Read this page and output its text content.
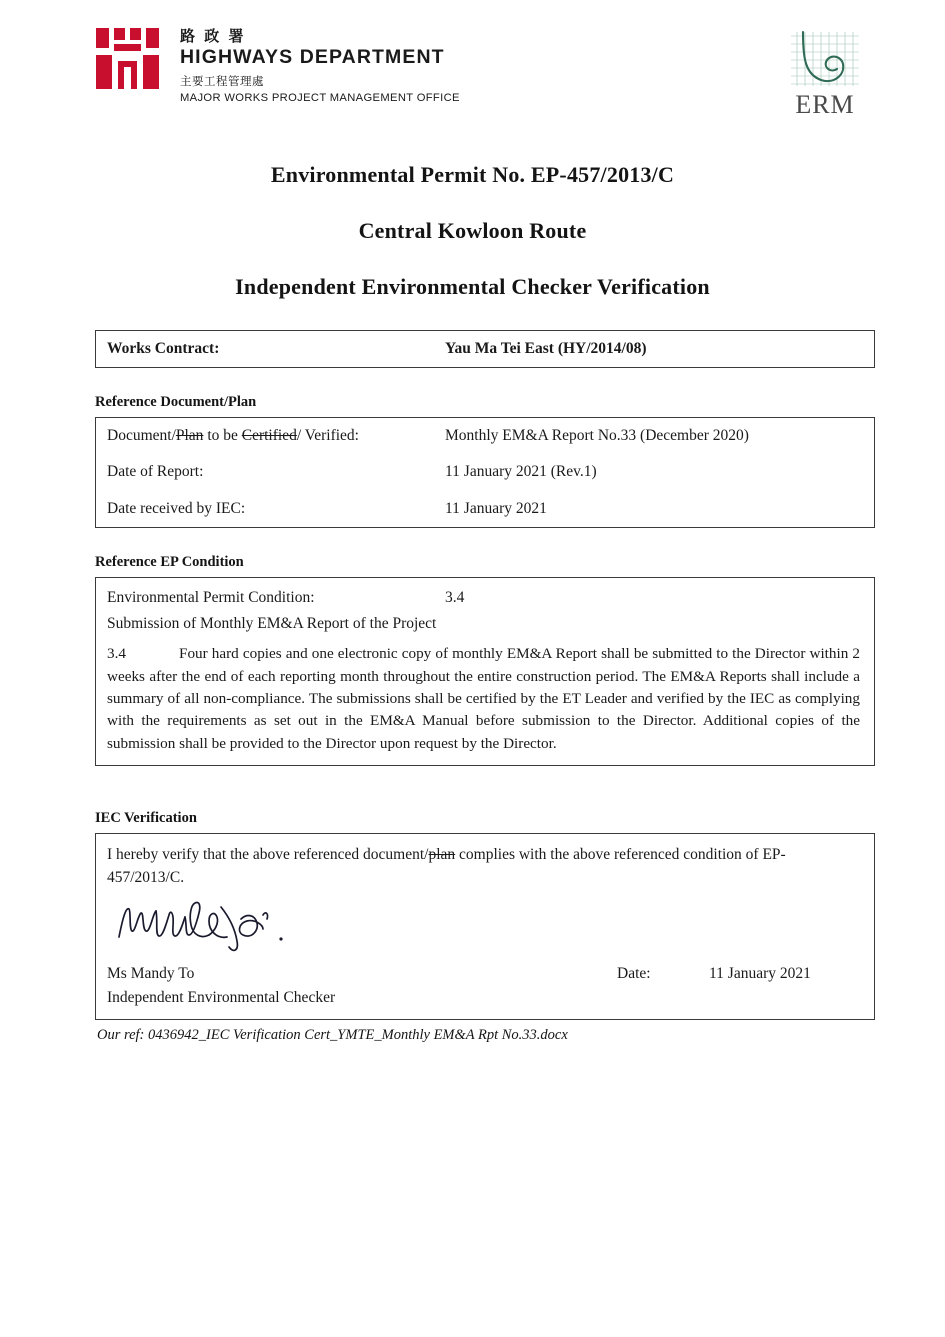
路 政 署
HIGHWAYS DEPARTMENT
主要工程管理處
MAJOR WORKS PROJECT MANAGEMENT OFFICE	ERM
Environmental Permit No. EP-457/2013/C
Central Kowloon Route
Independent Environmental Checker Verification
Works Contract:	Yau Ma Tei East (HY/2014/08)
Reference Document/Plan
Document/Plan to be Certified/ Verified:	Monthly EM&A Report No.33 (December 2020)
Date of Report:	11 January 2021 (Rev.1)
Date received by IEC:	11 January 2021
Reference EP Condition
Environmental Permit Condition:	3.4
Submission of Monthly EM&A Report of the Project
3.4	Four hard copies and one electronic copy of monthly EM&A Report shall be submitted to the Director within 2 weeks after the end of each reporting month throughout the entire construction period. The EM&A Reports shall include a summary of all non-compliance. The submissions shall be certified by the ET Leader and verified by the IEC as complying with the requirements as set out in the EM&A Manual before submission to the Director. Additional copies of the submission shall be provided to the Director upon request by the Director.
IEC Verification
I hereby verify that the above referenced document/plan complies with the above referenced condition of EP-457/2013/C.
Ms Mandy To	Date:	11 January 2021
Independent Environmental Checker
Our ref: 0436942_IEC Verification Cert_YMTE_Monthly EM&A Rpt No.33.docx
